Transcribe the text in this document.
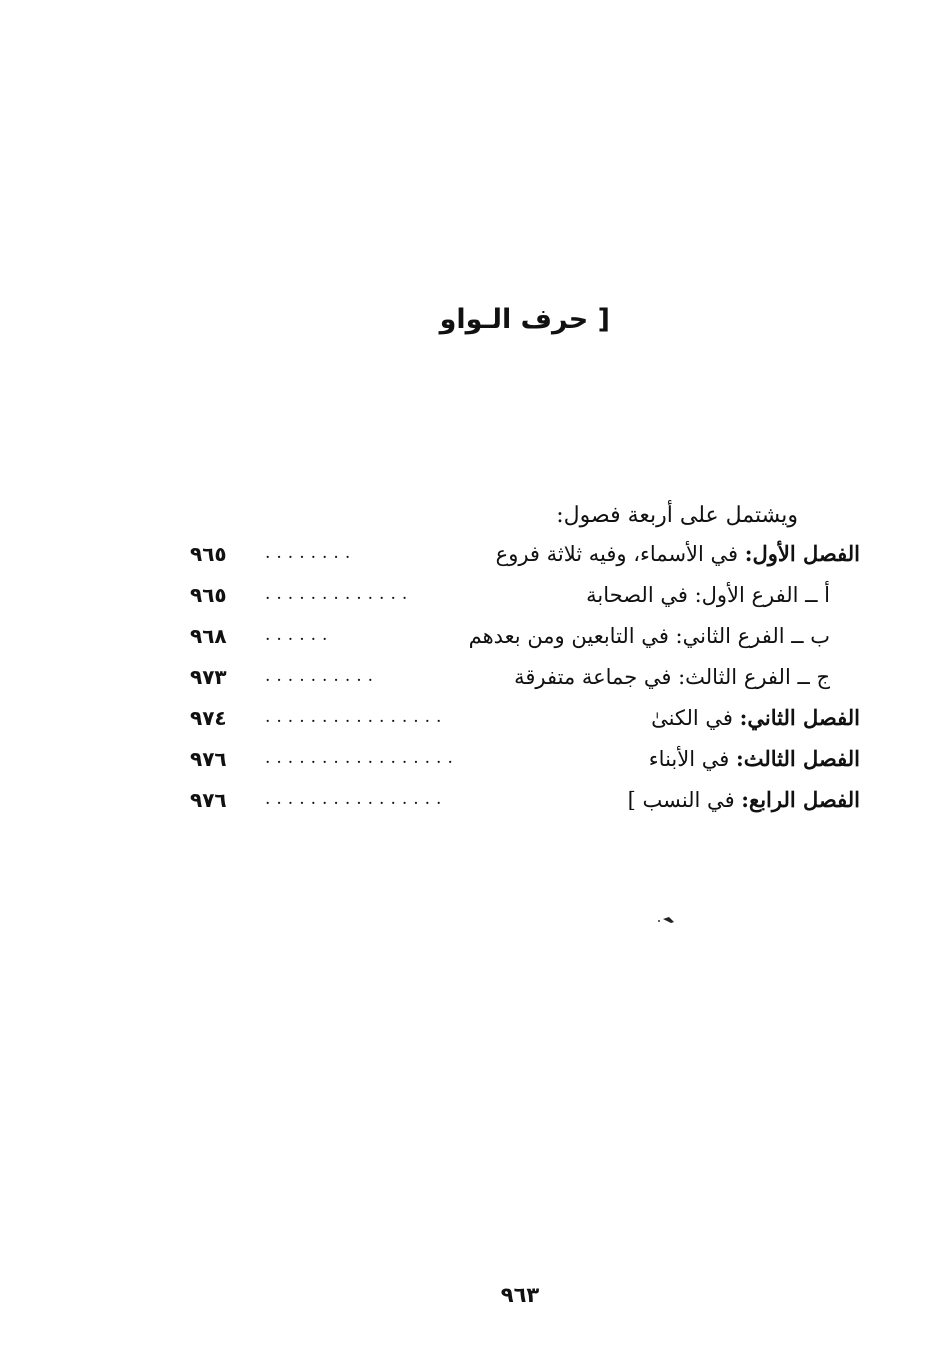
[ حرف الـواو
ويشتمل على أربعة فصول:
الفصل الأول: في الأسماء، وفيه ثلاثة فروع
........
٩٦٥
أ ــ الفرع الأول: في الصحابة
.............
٩٦٥
ب ــ الفرع الثاني: في التابعين ومن بعدهم
......
٩٦٨
ج ــ الفرع الثالث: في جماعة متفرقة
..........
٩٧٣
الفصل الثاني: في الكنىٰ
................
٩٧٤
الفصل الثالث: في الأبناء
.................
٩٧٦
الفصل الرابع: في النسب ]
................
٩٧٦
٩٦٣
